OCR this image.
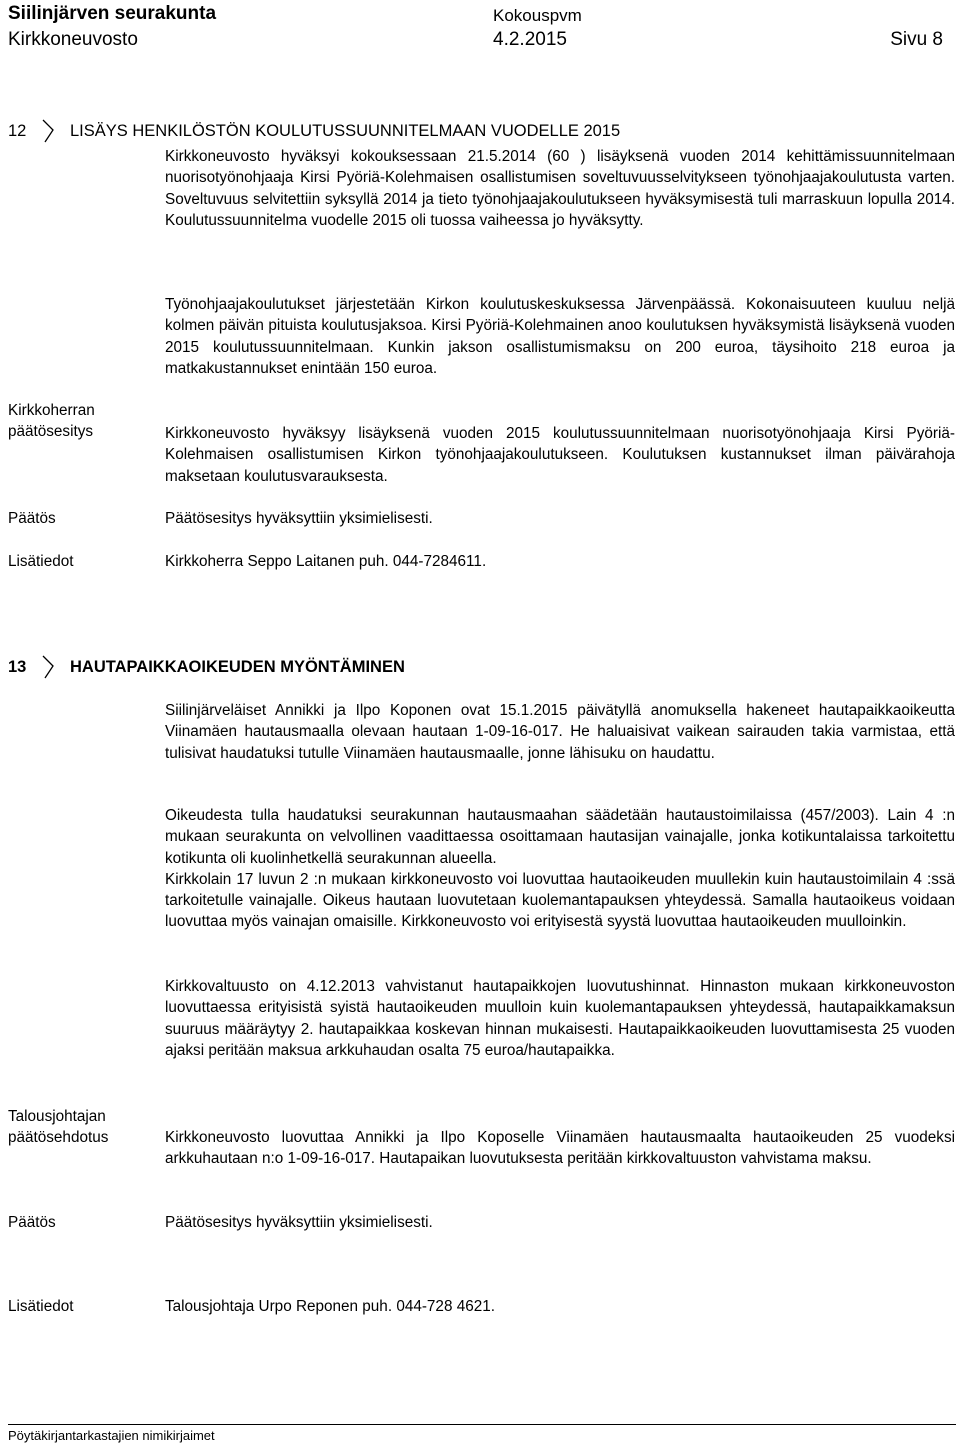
Siilinjärven seurakunta
Kirkkoneuvosto
Kokouspvm
4.2.2015	Sivu 8
12	LISÄYS HENKILÖSTÖN KOULUTUSSUUNNITELMAAN VUODELLE 2015

Kirkkoneuvosto hyväksyi kokouksessaan 21.5.2014 (60 ) lisäyksenä vuoden 2014 kehittämissuunnitelmaan nuorisotyönohjaaja Kirsi Pyöriä-Kolehmaisen osallistumisen soveltuvuusselvitykseen työnohjaajakoulutusta varten. Soveltuvuus selvitettiin syksyllä 2014 ja tieto työnohjaajakoulutukseen hyväksymisestä tuli marraskuun lopulla 2014. Koulutussuunnitelma vuodelle 2015 oli tuossa vaiheessa jo hyväksytty.

Työnohjaajakoulutukset järjestetään Kirkon koulutuskeskuksessa Järvenpäässä. Kokonaisuuteen kuuluu neljä kolmen päivän pituista koulutusjaksoa. Kirsi Pyöriä-Kolehmainen anoo koulutuksen hyväksymistä lisäyksenä vuoden 2015 koulutussuunnitelmaan. Kunkin jakson osallistumismaksu on 200 euroa, täysihoito 218 euroa ja matkakustannukset enintään 150 euroa.

Kirkkoherran
päätösesitys	Kirkkoneuvosto hyväksyy lisäyksenä vuoden 2015 koulutussuunnitelmaan nuorisotyönohjaaja Kirsi Pyöriä-Kolehmaisen osallistumisen Kirkon työnohjaajakoulutukseen. Koulutuksen kustannukset ilman päivärahoja maksetaan koulutusvarauksesta.

Päätös	Päätösesitys hyväksyttiin yksimielisesti.

Lisätiedot	Kirkkoherra Seppo Laitanen puh. 044-7284611.

13	HAUTAPAIKKAOIKEUDEN MYÖNTÄMINEN

Siilinjärveläiset Annikki ja Ilpo Koponen ovat 15.1.2015 päivätyllä anomuksella hakeneet hautapaikkaoikeutta Viinamäen hautausmaalla olevaan hautaan 1-09-16-017. He haluaisivat vaikean sairauden takia varmistaa, että tulisivat haudatuksi tutulle Viinamäen hautausmaalle, jonne lähisuku on haudattu.

Oikeudesta tulla haudatuksi seurakunnan hautausmaahan säädetään hautaustoimilaissa (457/2003). Lain 4 :n mukaan seurakunta on velvollinen vaadittaessa osoittamaan hautasijan vainajalle, jonka kotikuntalaissa tarkoitettu kotikunta oli kuolinhetkellä seurakunnan alueella.

Kirkkolain 17 luvun 2 :n mukaan kirkkoneuvosto voi luovuttaa hautaoikeuden muullekin kuin hautaustoimilain 4 :ssä tarkoitetulle vainajalle. Oikeus hautaan luovutetaan kuolemantapauksen yhteydessä. Samalla hautaoikeus voidaan luovuttaa myös vainajan omaisille. Kirkkoneuvosto voi erityisestä syystä luovuttaa hautaoikeuden muulloinkin.

Kirkkovaltuusto on 4.12.2013 vahvistanut hautapaikkojen luovutushinnat. Hinnaston mukaan kirkkoneuvoston luovuttaessa erityisistä syistä hautaoikeuden muulloin kuin kuolemantapauksen yhteydessä, hautapaikkamaksun suuruus määräytyy 2. hautapaikkaa koskevan hinnan mukaisesti. Hautapaikkaoikeuden luovuttamisesta 25 vuoden ajaksi peritään maksua arkkuhaudan osalta 75 euroa/hautapaikka.

Talousjohtajan
päätösehdotus	Kirkkoneuvosto luovuttaa Annikki ja Ilpo Koposelle Viinamäen hautausmaalta hautaoikeuden 25 vuodeksi arkkuhautaan n:o 1-09-16-017. Hautapaikan luovutuksesta peritään kirkkovaltuuston vahvistama maksu.

Päätös	Päätösesitys hyväksyttiin yksimielisesti.

Lisätiedot	Talousjohtaja Urpo Reponen puh. 044-728 4621.

Pöytäkirjantarkastajien nimikirjaimet
